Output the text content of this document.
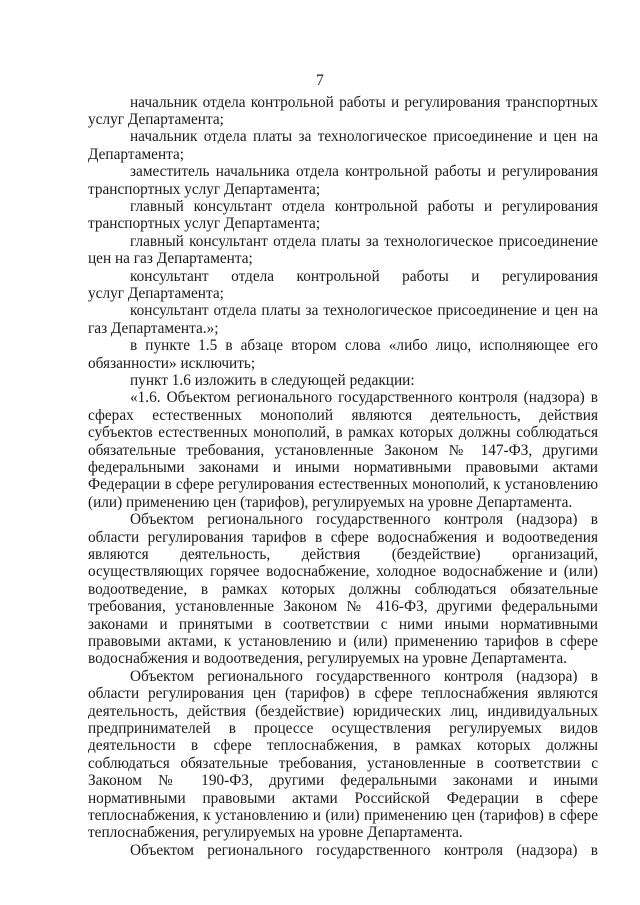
7
начальник отдела контрольной работы и регулирования транспортных
услуг Департамента;
начальник отдела платы за технологическое присоединение и цен на
Департамента;
заместитель начальника отдела контрольной работы и регулирования
транспортных услуг Департамента;
главный консультант отдела контрольной работы и регулирования
транспортных услуг Департамента;
главный консультант отдела платы за технологическое присоединение
цен на газ Департамента;
консультант отдела контрольной работы и регулирования
услуг Департамента;
консультант отдела платы за технологическое присоединение и цен на
газ Департамента.»;
в пункте 1.5 в абзаце втором слова «либо лицо, исполняющее его
обязанности» исключить;
пункт 1.6 изложить в следующей редакции:
«1.6. Объектом регионального государственного контроля (надзора) в
сферах естественных монополий являются деятельность, действия
субъектов естественных монополий, в рамках которых должны соблюдаться
обязательные требования, установленные Законом № 147-ФЗ, другими
федеральными законами и иными нормативными правовыми актами
Федерации в сфере регулирования естественных монополий, к установлению
(или) применению цен (тарифов), регулируемых на уровне Департамента.
Объектом регионального государственного контроля (надзора) в
области регулирования тарифов в сфере водоснабжения и водоотведения
являются деятельность, действия (бездействие) организаций,
осуществляющих горячее водоснабжение, холодное водоснабжение и (или)
водоотведение, в рамках которых должны соблюдаться обязательные
требования, установленные Законом № 416-ФЗ, другими федеральными
законами и принятыми в соответствии с ними иными нормативными
правовыми актами, к установлению и (или) применению тарифов в сфере
водоснабжения и водоотведения, регулируемых на уровне Департамента.
Объектом регионального государственного контроля (надзора) в
области регулирования цен (тарифов) в сфере теплоснабжения являются
деятельность, действия (бездействие) юридических лиц, индивидуальных
предпринимателей в процессе осуществления регулируемых видов
деятельности в сфере теплоснабжения, в рамках которых должны
соблюдаться обязательные требования, установленные в соответствии с
Законом № 190-ФЗ, другими федеральными законами и иными
нормативными правовыми актами Российской Федерации в сфере
теплоснабжения, к установлению и (или) применению цен (тарифов) в сфере
теплоснабжения, регулируемых на уровне Департамента.
Объектом регионального государственного контроля (надзора) в
